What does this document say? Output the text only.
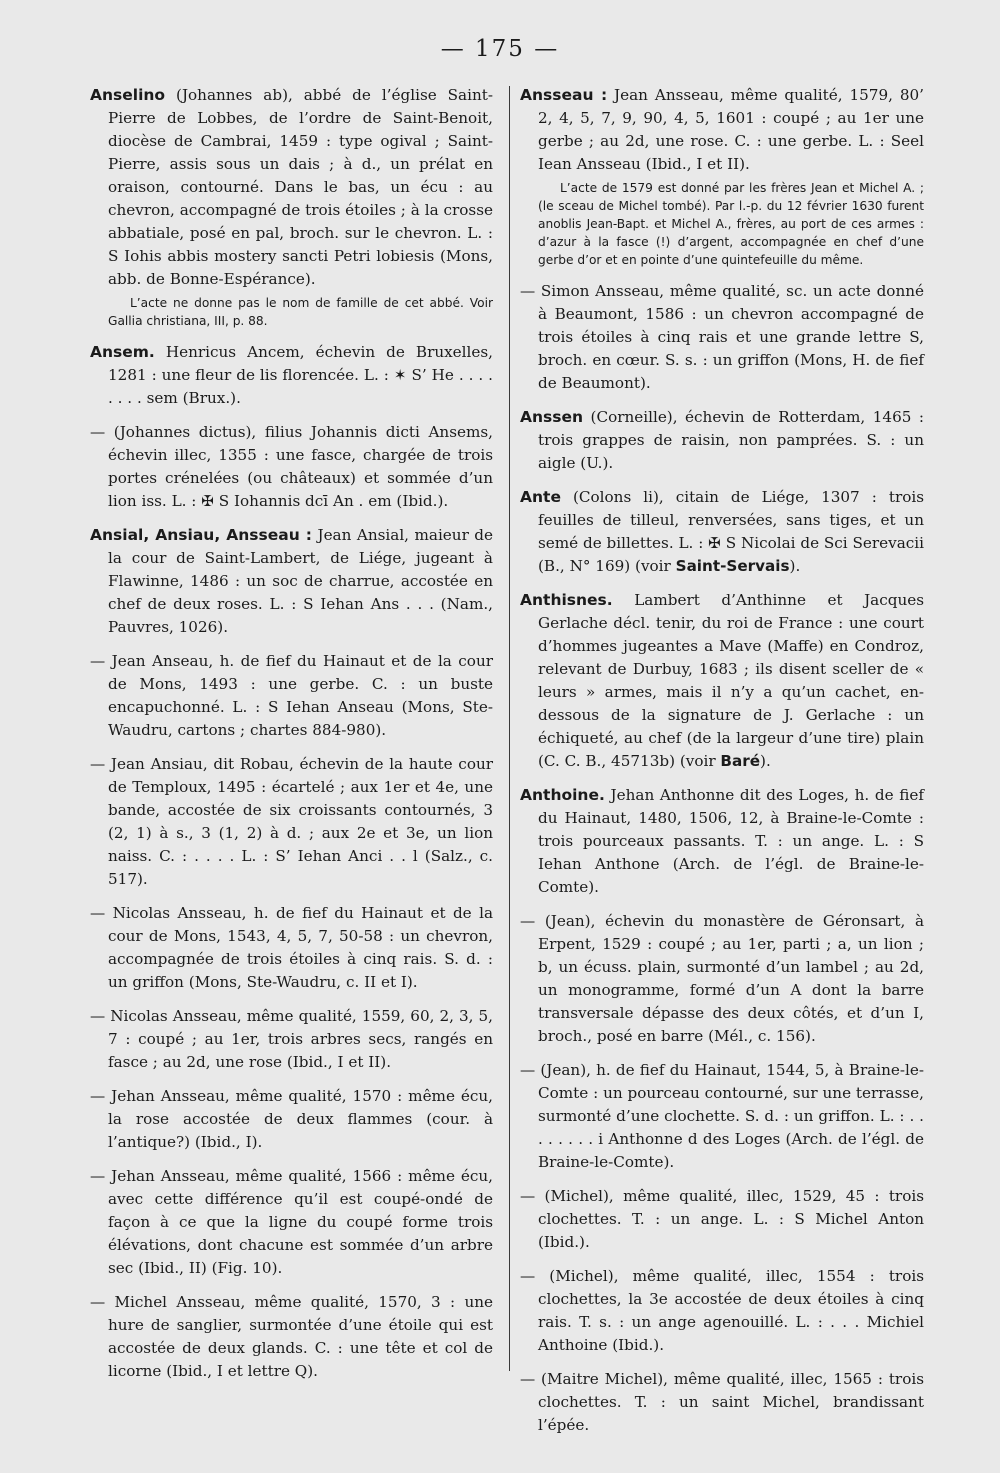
— 175 —

Anselino (Johannes ab), abbé de l’église Saint-Pierre de Lobbes, de l’ordre de Saint-Benoit, diocèse de Cambrai, 1459 : type ogival ; Saint-Pierre, assis sous un dais ; à d., un prélat en oraison, contourné. Dans le bas, un écu : au chevron, accompagné de trois étoiles ; à la crosse abbatiale, posé en pal, broch. sur le chevron. L. : S Iohis abbis mostery sancti Petri lobiesis (Mons, abb. de Bonne-Espérance).

L’acte ne donne pas le nom de famille de cet abbé. Voir Gallia christiana, III, p. 88.

Ansem. Henricus Ancem, échevin de Bruxelles, 1281 : une fleur de lis florencée. L. : ✶ S’ He . . . . . . . . sem (Brux.).

— (Johannes dictus), filius Johannis dicti Ansems, échevin illec, 1355 : une fasce, chargée de trois portes crénelées (ou châteaux) et sommée d’un lion iss. L. : ✠ S Iohannis dcī An . em (Ibid.).

Ansial, Ansiau, Ansseau : Jean Ansial, maieur de la cour de Saint-Lambert, de Liége, jugeant à Flawinne, 1486 : un soc de charrue, accostée en chef de deux roses. L. : S Iehan Ans . . . (Nam., Pauvres, 1026).

— Jean Anseau, h. de fief du Hainaut et de la cour de Mons, 1493 : une gerbe. C. : un buste encapuchonné. L. : S Iehan Anseau (Mons, Ste-Waudru, cartons ; chartes 884-980).

— Jean Ansiau, dit Robau, échevin de la haute cour de Temploux, 1495 : écartelé ; aux 1er et 4e, une bande, accostée de six croissants contournés, 3 (2, 1) à s., 3 (1, 2) à d. ; aux 2e et 3e, un lion naiss. C. : . . . . L. : S’ Iehan Anci . . l (Salz., c. 517).

— Nicolas Ansseau, h. de fief du Hainaut et de la cour de Mons, 1543, 4, 5, 7, 50-58 : un chevron, accompagnée de trois étoiles à cinq rais. S. d. : un griffon (Mons, Ste-Waudru, c. II et I).

— Nicolas Ansseau, même qualité, 1559, 60, 2, 3, 5, 7 : coupé ; au 1er, trois arbres secs, rangés en fasce ; au 2d, une rose (Ibid., I et II).

— Jehan Ansseau, même qualité, 1570 : même écu, la rose accostée de deux flammes (cour. à l’antique?) (Ibid., I).

— Jehan Ansseau, même qualité, 1566 : même écu, avec cette différence qu’il est coupé-ondé de façon à ce que la ligne du coupé forme trois élévations, dont chacune est sommée d’un arbre sec (Ibid., II) (Fig. 10).

— Michel Ansseau, même qualité, 1570, 3 : une hure de sanglier, surmontée d’une étoile qui est accostée de deux glands. C. : une tête et col de licorne (Ibid., I et lettre Q).

Ansseau : Jean Ansseau, même qualité, 1579, 80’ 2, 4, 5, 7, 9, 90, 4, 5, 1601 : coupé ; au 1er une gerbe ; au 2d, une rose. C. : une gerbe. L. : Seel Iean Ansseau (Ibid., I et II).

L’acte de 1579 est donné par les frères Jean et Michel A. ; (le sceau de Michel tombé). Par l.-p. du 12 février 1630 furent anoblis Jean-Bapt. et Michel A., frères, au port de ces armes : d’azur à la fasce (!) d’argent, accompagnée en chef d’une gerbe d’or et en pointe d’une quintefeuille du même.

— Simon Ansseau, même qualité, sc. un acte donné à Beaumont, 1586 : un chevron accompagné de trois étoiles à cinq rais et une grande lettre S, broch. en cœur. S. s. : un griffon (Mons, H. de fief de Beaumont).

Anssen (Corneille), échevin de Rotterdam, 1465 : trois grappes de raisin, non pamprées. S. : un aigle (U.).

Ante (Colons li), citain de Liége, 1307 : trois feuilles de tilleul, renversées, sans tiges, et un semé de billettes. L. : ✠ S Nicolai de Sci Serevacii (B., N° 169) (voir Saint-Servais).

Anthisnes. Lambert d’Anthinne et Jacques Gerlache décl. tenir, du roi de France : une court d’hommes jugeantes a Mave (Maffe) en Condroz, relevant de Durbuy, 1683 ; ils disent sceller de « leurs » armes, mais il n’y a qu’un cachet, en-dessous de la signature de J. Gerlache : un échiqueté, au chef (de la largeur d’une tire) plain (C. C. B., 45713b) (voir Baré).

Anthoine. Jehan Anthonne dit des Loges, h. de fief du Hainaut, 1480, 1506, 12, à Braine-le-Comte : trois pourceaux passants. T. : un ange. L. : S Iehan Anthone (Arch. de l’égl. de Braine-le-Comte).

— (Jean), échevin du monastère de Géronsart, à Erpent, 1529 : coupé ; au 1er, parti ; a, un lion ; b, un écuss. plain, surmonté d’un lambel ; au 2d, un monogramme, formé d’un A dont la barre transversale dépasse des deux côtés, et d’un I, broch., posé en barre (Mél., c. 156).

— (Jean), h. de fief du Hainaut, 1544, 5, à Braine-le-Comte : un pourceau contourné, sur une terrasse, surmonté d’une clochette. S. d. : un griffon. L. : . . . . . . . . i Anthonne d des Loges (Arch. de l’égl. de Braine-le-Comte).

— (Michel), même qualité, illec, 1529, 45 : trois clochettes. T. : un ange. L. : S Michel Anton (Ibid.).

— (Michel), même qualité, illec, 1554 : trois clochettes, la 3e accostée de deux étoiles à cinq rais. T. s. : un ange agenouillé. L. : . . . Michiel Anthoine (Ibid.).

— (Maitre Michel), même qualité, illec, 1565 : trois clochettes. T. : un saint Michel, brandissant l’épée.
